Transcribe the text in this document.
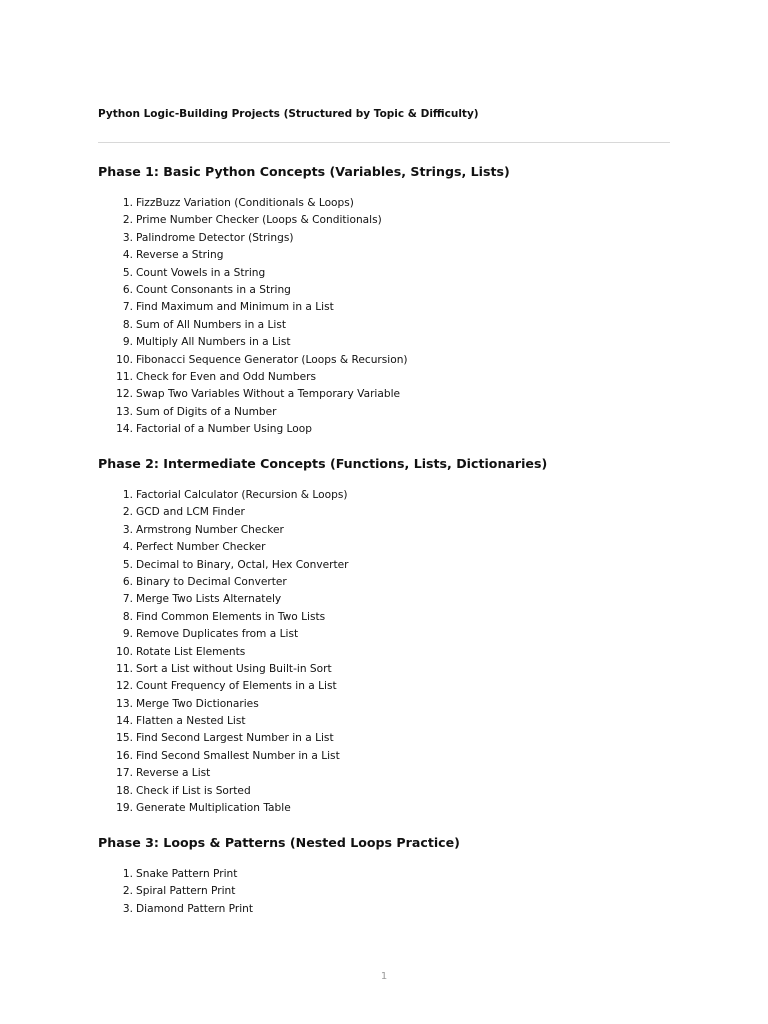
Python Logic-Building Projects (Structured by Topic & Difficulty)
Phase 1: Basic Python Concepts (Variables, Strings, Lists)
1. FizzBuzz Variation (Conditionals & Loops)
2. Prime Number Checker (Loops & Conditionals)
3. Palindrome Detector (Strings)
4. Reverse a String
5. Count Vowels in a String
6. Count Consonants in a String
7. Find Maximum and Minimum in a List
8. Sum of All Numbers in a List
9. Multiply All Numbers in a List
10. Fibonacci Sequence Generator (Loops & Recursion)
11. Check for Even and Odd Numbers
12. Swap Two Variables Without a Temporary Variable
13. Sum of Digits of a Number
14. Factorial of a Number Using Loop
Phase 2: Intermediate Concepts (Functions, Lists, Dictionaries)
1. Factorial Calculator (Recursion & Loops)
2. GCD and LCM Finder
3. Armstrong Number Checker
4. Perfect Number Checker
5. Decimal to Binary, Octal, Hex Converter
6. Binary to Decimal Converter
7. Merge Two Lists Alternately
8. Find Common Elements in Two Lists
9. Remove Duplicates from a List
10. Rotate List Elements
11. Sort a List without Using Built-in Sort
12. Count Frequency of Elements in a List
13. Merge Two Dictionaries
14. Flatten a Nested List
15. Find Second Largest Number in a List
16. Find Second Smallest Number in a List
17. Reverse a List
18. Check if List is Sorted
19. Generate Multiplication Table
Phase 3: Loops & Patterns (Nested Loops Practice)
1. Snake Pattern Print
2. Spiral Pattern Print
3. Diamond Pattern Print
1
